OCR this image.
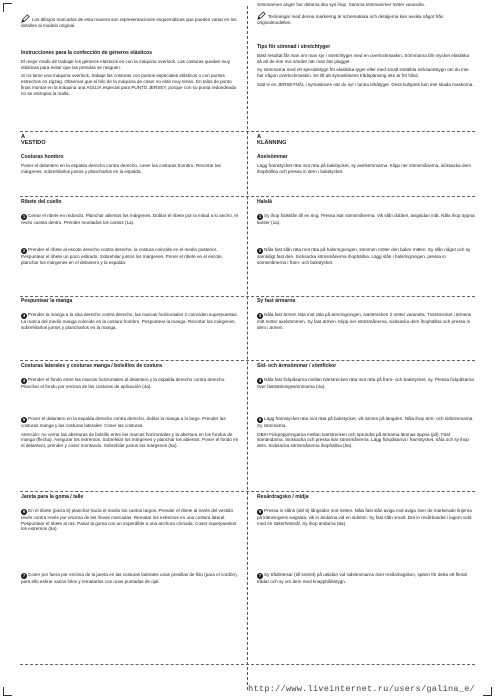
Los dibujos marcados de esta manera son representaciones esquemáticas que pueden variar en los detalles al modelo original.

Instrucciones para la confección de géneros elásticos

El mejor modo de trabajar los géneros elásticos es con la máquina overlock. Las costuras quedan muy elásticas para evitar que las prendas se rasguen.

Si no tiene una máquina overlock, trabaje las costuras con puntos especiales elásticos o con puntos estrechos en zigzag. Observar que el hilo de la máquina de coser no esté muy tenso. En telas de punto finas montar en la máquina una AGUJA especial para PUNTO JERSEY, porque con su punta redondeada no se estropea la malla.

A

VESTIDO

Costuras hombro

Poner el delantero en la espalda derecho contra derecho, coser las costuras hombro. Recortar los márgenes, sobrehilarlos juntos y plancharlos en la espalda.

Ribete del cuello

1 Cerrar el ribete en redondo. Planchar abiertos los márgenes. Doblar el ribete por la mitad a lo ancho, el revés cuesta dentro. Prender montados los cantos (1a).

2 Prender el ribete al escote derecho contra derecho, la costura coincide en el medio posterior. Pespuntear el ribete un poco estirado. Sobrehilar juntos los márgenes. Poner el ribete en el escote, planchar los márgenes en el delantero y la espalda.

Pespuntear la manga

3 Prender la manga a la sisa derecho contra derecho, las marcas horizontales 2 coinciden superpuestas. La marca del medio manga coincide en la costura hombro. Pespuntear la manga. Recortar los márgenes, sobrehilarlos juntos y plancharlos en la manga.

Costuras laterales y costuras manga / bolsillos de costura

4 Prender el fondo entre las marcas horizontales al delantero y la espalda derecho contra derecho. Planchar el fondo por encima de las costuras de aplicación (4a).

5 Poner el delantero en la espalda derecho contra derecho, doblar la manga a lo largo. Prender las costuras manga y las costuras laterales. Coser las costuras.

Atención: no cerrar las aberturas de bolsillo entre las marcas horizontales y la abertura en los fondos de manga (flecha). Asegurar los extremos. Sobrehilar los márgenes y planchar los abiertos. Poner el fondo en el delantero, prender y coser montando. Sobrehilar juntos los márgenes (5a).

Jareta para la goma / talle

6 En el ribete (pieza 5) planchar hacia el medio los cantos largos. Prender el ribete al revés del vestido revés contra revés por encima de las líneas marcadas. Rematar los extremos en una costura lateral. Pespuntear el ribete al ras. Pasar la goma con un imperdible a una anchura cómoda. Coser superpuestos los extremos (6a).

7 Coser por fuera por encima de la jareta en las costuras laterales unas presillas de hilo (para el cordón), para ello estirar varios hilos y rematarlos con unas puntadas de ojal.

Sömmarnen anger hur delarna ska sys ihop. Samma sömnummer möter varandra.

Teckningar med denna markering är schematiska och detaljerna kan avvika något från originalmodellen.

Tips för sömnad i stretchtyger

Bäst resultat får man om man syr i stretchtyger med en overlockmaskin. Sömmarna blir mycket elastiska så att de inte rivs sönder när man bär plagget.

Sy sömmarna med ett specialstygn för elastiska tyger eller med smalt inställda sicksackstygn om du inte har någon overlockmaskin. Se till att symaskinens trådspänning inte är för hård.

Sätt in en JERSEYNÅL i symaskinen när du syr i tunna trikåtyger. Dess kulspets kan inte skada maskorna.

A

KLÄNNING

Axelsömmar

Lägg framstycket räta mot räta på bakstycket, sy axelsömmarna. Klipp ner sömsmånerna, sicksacka dem ihophällna och pressa in dem i bakstycket.

Halslå

1 Sy ihop halsslån till en ring. Pressa isär sömsmånerna. Vik slån dubbel, avigsidan inåt. Nåla ihop öppna kanter (1a).

2 Nåla fast slån räta mot räta på halsringningen, sömmen möter den bakre mitten. Sy slån något och sy samtidigt fast den. Sicksacka sömsmånerna ihophällna. Lägg slån i halsringningen, pressa in sömsmånerna i fram- och bakstycket.

Sy fast ärmarna

3 Nåla fast ärmen räta mot räta på ärmringningen, tvärstrecken 2 möter varandra. Tvärstrecket i ärmens mitt möter axelsömmen. Sy fast ärmen. Klipp ner sömsmånerna, sicksacka dem ihophällna och pressa in dem i ärmen.

Sid- och ärmsömmar / sömfickor

4 Nåla fast fickpåsarna mellan tvärstrecken räta mot räta på fram- och bakstycket, sy. Pressa fickpåsarna över fastsättningssömmarna (4a).

5 Lägg framstycket räta mot räta på bakstycket, vik ärmen på längden. Nåla ihop ärm- och sidsömmarna. Sy sömmarna.

OBS! Fickpöppningarna mellan tvärstrecken och sprundet på ärmarna lämnas öppna (pil). Fäst sömändarna. Sicksacka och pressa isär sömsmånerna. Lägg fickpåsarna i framstycket, nåla och sy ihop dem. Sicksacka sömsmånerna ihophällna (5a).

Resårdragsko / midja

6 Pressa in slåns (del 5) långsidor mot mitten. Nåla fast slån aviga mot aviga över de markerade linjerna på klänningens avigsida, vik in ändarna vid en sidsöm. Sy fast slån smalt. Dra in resårbandet i lagom vidd med en säkerhetsnål. Sy ihop ändarna (6a).

7 Sy trådtränsar (till snöret) på utsidan vid sidsömmarna över resårdragskon, spänn för detta ett flertal trådar och sy om dem med knapphålsstygn.

http://www.liveinternet.ru/users/galina_e/
